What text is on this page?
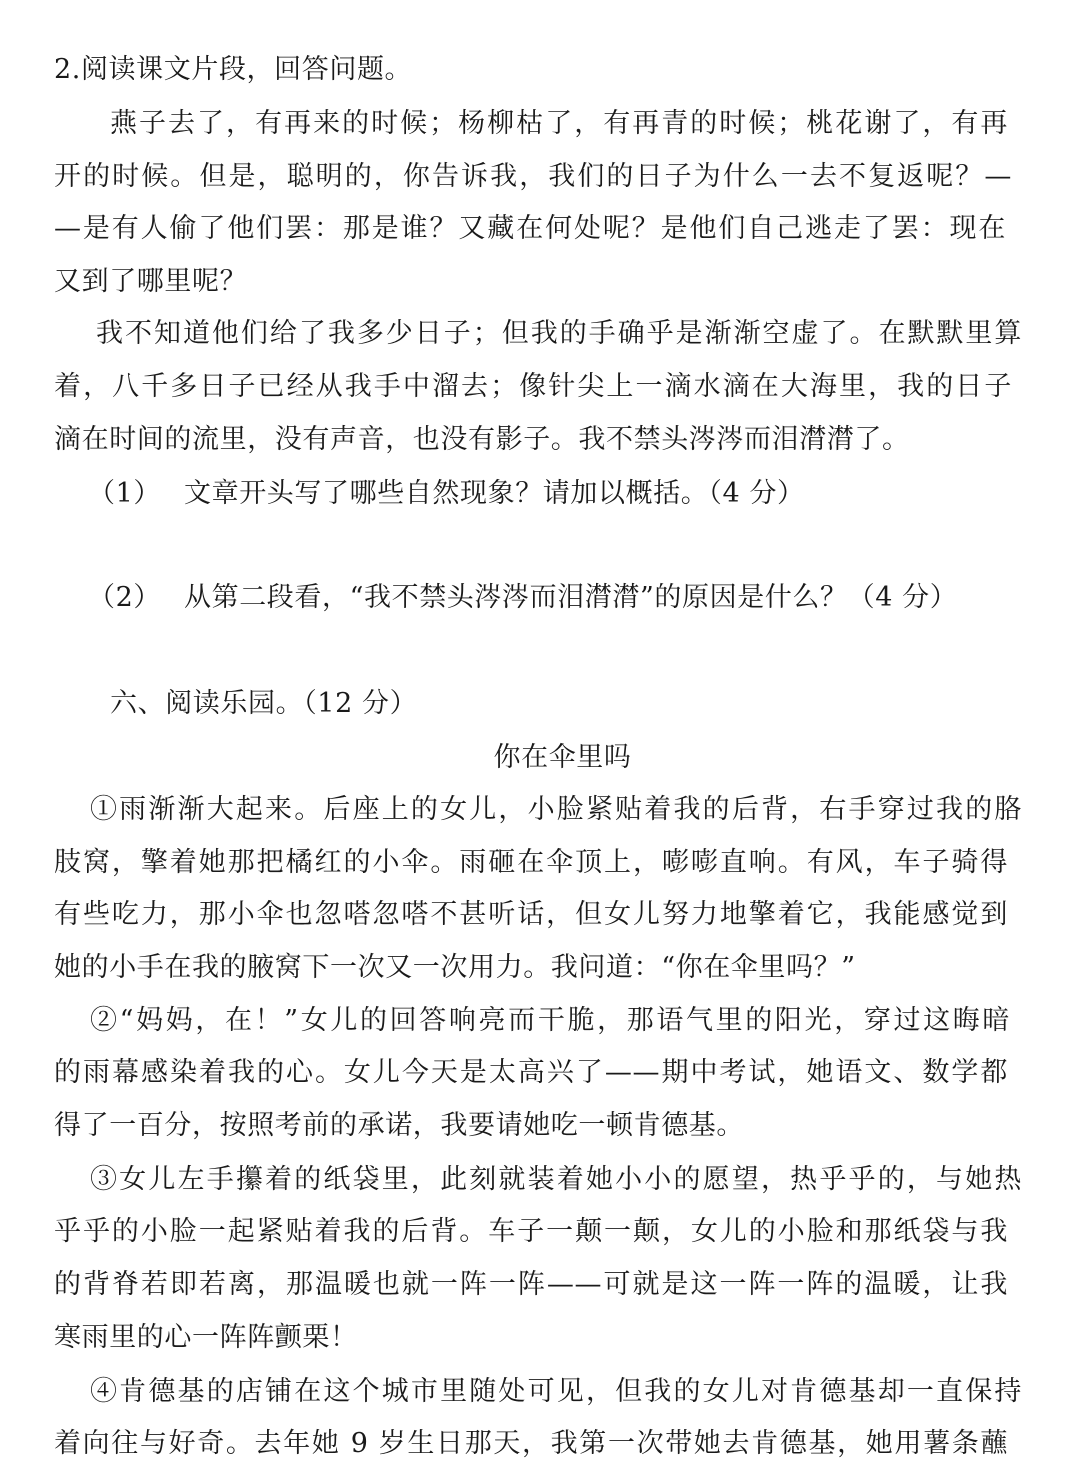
2.阅读课文片段，回答问题。

燕子去了，有再来的时候；杨柳枯了，有再青的时候；桃花谢了，有再

开的时候。但是，聪明的，你告诉我，我们的日子为什么一去不复返呢？—

—是有人偷了他们罢：那是谁？又藏在何处呢？是他们自己逃走了罢：现在

又到了哪里呢？

我不知道他们给了我多少日子；但我的手确乎是渐渐空虚了。在默默里算

着，八千多日子已经从我手中溜去；像针尖上一滴水滴在大海里，我的日子

滴在时间的流里，没有声音，也没有影子。我不禁头涔涔而泪潸潸了。

（1） 文章开头写了哪些自然现象？请加以概括。（4 分）
（2） 从第二段看，“我不禁头涔涔而泪潸潸”的原因是什么？（4 分）

六、阅读乐园。（12 分）

你在伞里吗

①雨渐渐大起来。后座上的女儿，小脸紧贴着我的后背，右手穿过我的胳

肢窝，擎着她那把橘红的小伞。雨砸在伞顶上，嘭嘭直响。有风，车子骑得

有些吃力，那小伞也忽嗒忽嗒不甚听话，但女儿努力地擎着它，我能感觉到

她的小手在我的腋窝下一次又一次用力。我问道：“你在伞里吗？”

②“妈妈，在！”女儿的回答响亮而干脆，那语气里的阳光，穿过这晦暗

的雨幕感染着我的心。女儿今天是太高兴了——期中考试，她语文、数学都

得了一百分，按照考前的承诺，我要请她吃一顿肯德基。

③女儿左手攥着的纸袋里，此刻就装着她小小的愿望，热乎乎的，与她热

乎乎的小脸一起紧贴着我的后背。车子一颠一颠，女儿的小脸和那纸袋与我

的背脊若即若离，那温暖也就一阵一阵——可就是这一阵一阵的温暖，让我

寒雨里的心一阵阵颤栗！

④肯德基的店铺在这个城市里随处可见，但我的女儿对肯德基却一直保持

着向往与好奇。去年她 9 岁生日那天，我第一次带她去肯德基，她用薯条蘸
